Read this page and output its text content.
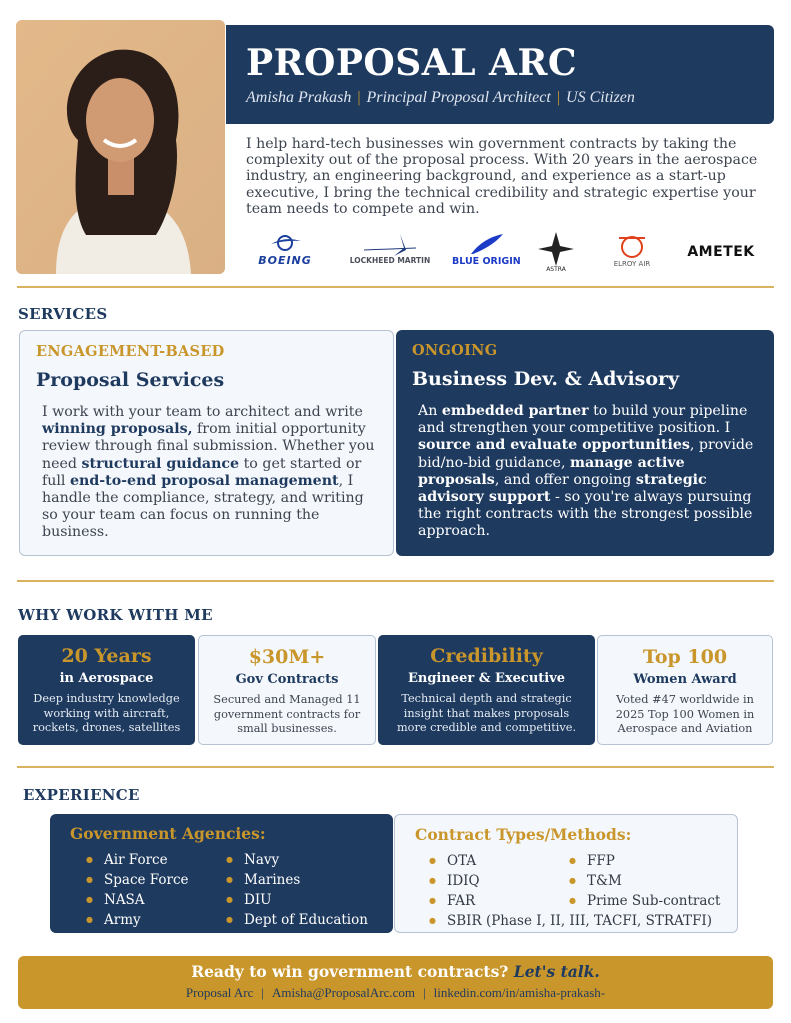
PROPOSAL ARC
Amisha Prakash | Principal Proposal Architect | US Citizen

I help hard-tech businesses win government contracts by taking the complexity out of the proposal process. With 20 years in the aerospace industry, an engineering background, and experience as a start-up executive, I bring the technical credibility and strategic expertise your team needs to compete and win.

BOEING	LOCKHEED MARTIN	BLUE ORIGIN
ASTRA
ELROY AIR
AMETEK
SERVICES
ENGAGEMENT-BASED
Proposal Services

I work with your team to architect and write winning proposals, from initial opportunity review through final submission. Whether you need structural guidance to get started or full end-to-end proposal management, I handle the compliance, strategy, and writing so your team can focus on running the business.

ONGOING
Business Dev. & Advisory

An embedded partner to build your pipeline and strengthen your competitive position. I source and evaluate opportunities, provide bid/no-bid guidance, manage active proposals, and offer ongoing strategic advisory support - so you're always pursuing the right contracts with the strongest possible approach.

WHY WORK WITH ME
20 Years
in Aerospace
Deep industry knowledge working with aircraft, rockets, drones, satellites
$30M+
Gov Contracts
Secured and Managed 11 government contracts for small businesses.
Credibility
Engineer & Executive
Technical depth and strategic insight that makes proposals more credible and competitive.
Top 100
Women Award
Voted #47 worldwide in 2025 Top 100 Women in Aerospace and Aviation
EXPERIENCE
Government Agencies:
● Air Force
● Space Force
● NASA
● Army
● Navy
● Marines
● DIU
● Dept of Education
Contract Types/Methods:
● OTA
● IDIQ
● FAR
● SBIR (Phase I, II, III, TACFI, STRATFI)
● FFP
● T&M
● Prime Sub-contract
Ready to win government contracts? Let's talk.
Proposal Arc | Amisha@ProposalArc.com | linkedin.com/in/amisha-prakash-
